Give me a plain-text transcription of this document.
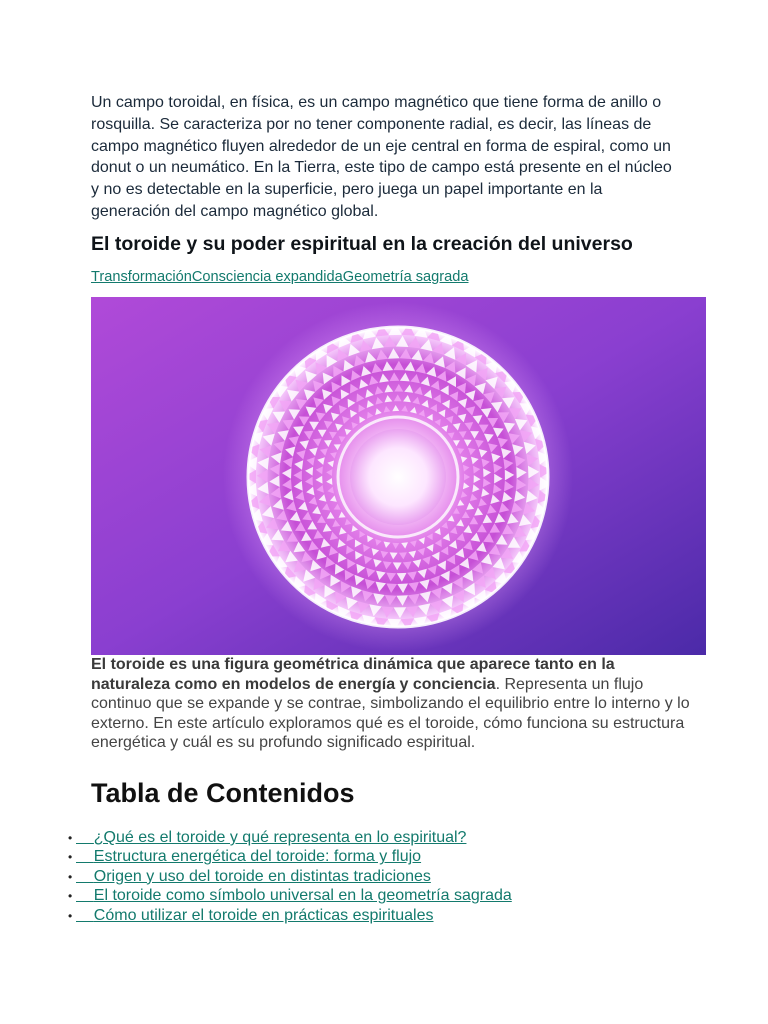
Un campo toroidal, en física, es un campo magnético que tiene forma de anillo o rosquilla. Se caracteriza por no tener componente radial, es decir, las líneas de campo magnético fluyen alrededor de un eje central en forma de espiral, como un donut o un neumático. En la Tierra, este tipo de campo está presente en el núcleo y no es detectable en la superficie, pero juega un papel importante en la generación del campo magnético global.

El toroide y su poder espiritual en la creación del universo
TransformaciónConsciencia expandidaGeometría sagrada

El toroide es una figura geométrica dinámica que aparece tanto en la naturaleza como en modelos de energía y conciencia. Representa un flujo continuo que se expande y se contrae, simbolizando el equilibrio entre lo interno y lo externo. En este artículo exploramos qué es el toroide, cómo funciona su estructura energética y cuál es su profundo significado espiritual.

Tabla de Contenidos
•     ¿Qué es el toroide y qué representa en lo espiritual?
•     Estructura energética del toroide: forma y flujo
•     Origen y uso del toroide en distintas tradiciones
•     El toroide como símbolo universal en la geometría sagrada
•     Cómo utilizar el toroide en prácticas espirituales
